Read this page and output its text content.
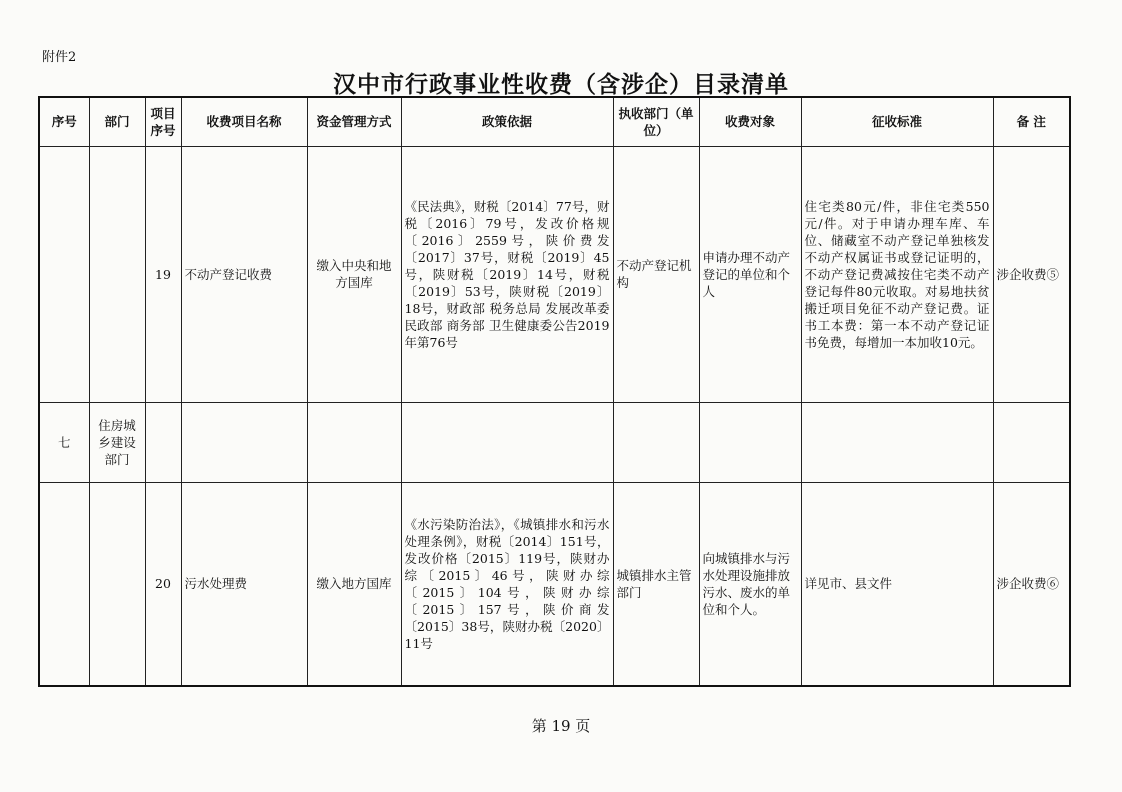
附件2
汉中市行政事业性收费（含涉企）目录清单
序号	部门	项目序号	收费项目名称	资金管理方式	政策依据	执收部门（单位）	收费对象	征收标准	备 注
		19	不动产登记收费	缴入中央和地方国库	《民法典》，财税〔2014〕77号，财税〔2016〕79号，发改价格规〔2016〕2559号，陕价费发〔2017〕37号，财税〔2019〕45号，陕财税〔2019〕14号，财税〔2019〕53号，陕财税〔2019〕18号，财政部 税务总局 发展改革委 民政部 商务部 卫生健康委公告2019年第76号	不动产登记机构	申请办理不动产登记的单位和个人	住宅类80元/件，非住宅类550元/件。对于申请办理车库、车位、储藏室不动产登记单独核发不动产权属证书或登记证明的，不动产登记费减按住宅类不动产登记每件80元收取。对易地扶贫搬迁项目免征不动产登记费。证书工本费：第一本不动产登记证书免费，每增加一本加收10元。	涉企收费⑤
七	住房城乡建设部门								
		20	污水处理费	缴入地方国库	《水污染防治法》，《城镇排水和污水处理条例》，财税〔2014〕151号，发改价格〔2015〕119号，陕财办综〔2015〕46号，陕财办综〔2015〕104号，陕财办综〔2015〕157号，陕价商发〔2015〕38号，陕财办税〔2020〕11号	城镇排水主管部门	向城镇排水与污水处理设施排放污水、废水的单位和个人。	详见市、县文件	涉企收费⑥
第 19 页
